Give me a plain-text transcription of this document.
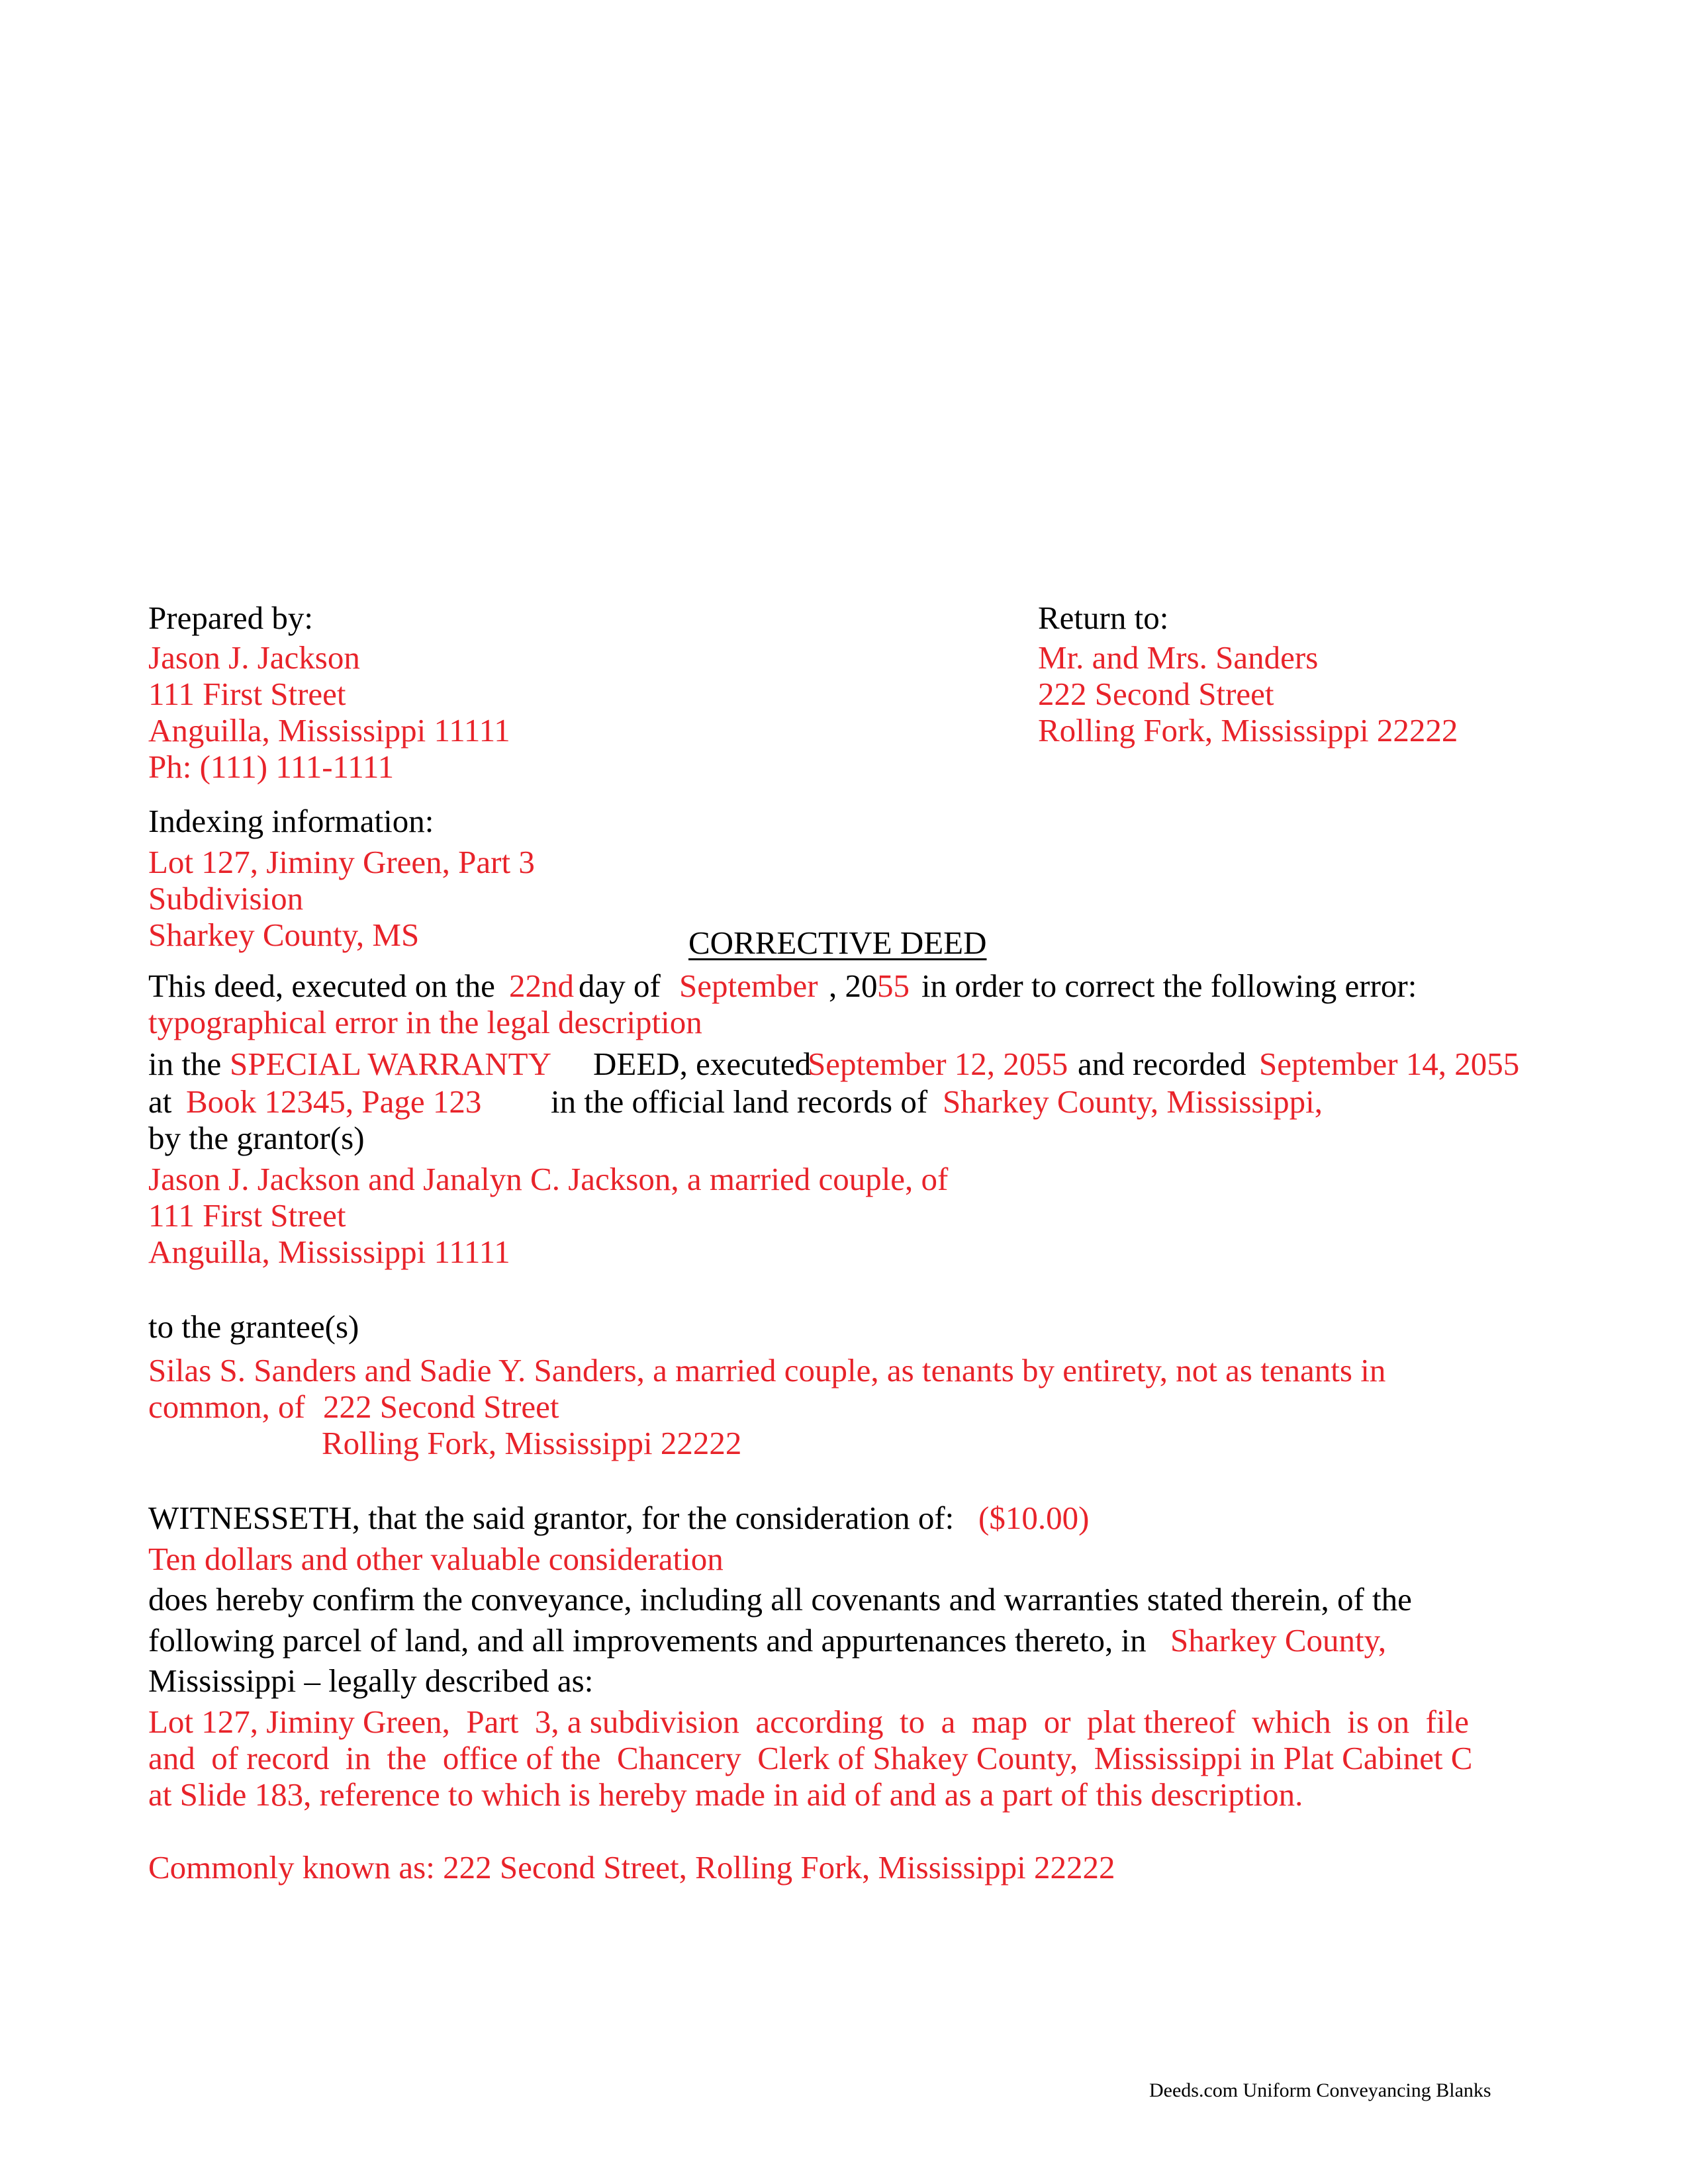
Prepared by:
Jason J. Jackson
111 First Street
Anguilla, Mississippi 11111
Ph: (111) 111-1111
Return to:
Mr. and Mrs. Sanders
222 Second Street
Rolling Fork, Mississippi 22222
Indexing information:
Lot 127, Jiminy Green, Part 3
Subdivision
Sharkey County, MS	CORRECTIVE DEED
This deed, executed on the 22nd day of September , 20 55 in order to correct the following error:
typographical error in the legal description
in the SPECIAL WARRANTY DEED, executed
September 12, 2055 and recorded September 14, 2055
at Book 12345, Page 123 in the official land records of Sharkey County, Mississippi,
by the grantor(s)
Jason J. Jackson and Janalyn C. Jackson, a married couple, of
111 First Street
Anguilla, Mississippi 11111
to the grantee(s)
Silas S. Sanders and Sadie Y. Sanders, a married couple, as tenants by entirety, not as tenants in
common, of 222 Second Street
Rolling Fork, Mississippi 22222
WITNESSETH, that the said grantor, for the consideration of: ($10.00)
Ten dollars and other valuable consideration
does hereby confirm the conveyance, including all covenants and warranties stated therein, of the
following parcel of land, and all improvements and appurtenances thereto, in Sharkey County,
Mississippi – legally described as:
Lot 127, Jiminy Green,  Part  3, a subdivision  according  to  a  map  or  plat thereof  which  is on  file
and  of record  in  the  office of the  Chancery  Clerk of Shakey County,  Mississippi in Plat Cabinet C
at Slide 183, reference to which is hereby made in aid of and as a part of this description.
Commonly known as: 222 Second Street, Rolling Fork, Mississippi 22222
Deeds.com Uniform Conveyancing Blanks
